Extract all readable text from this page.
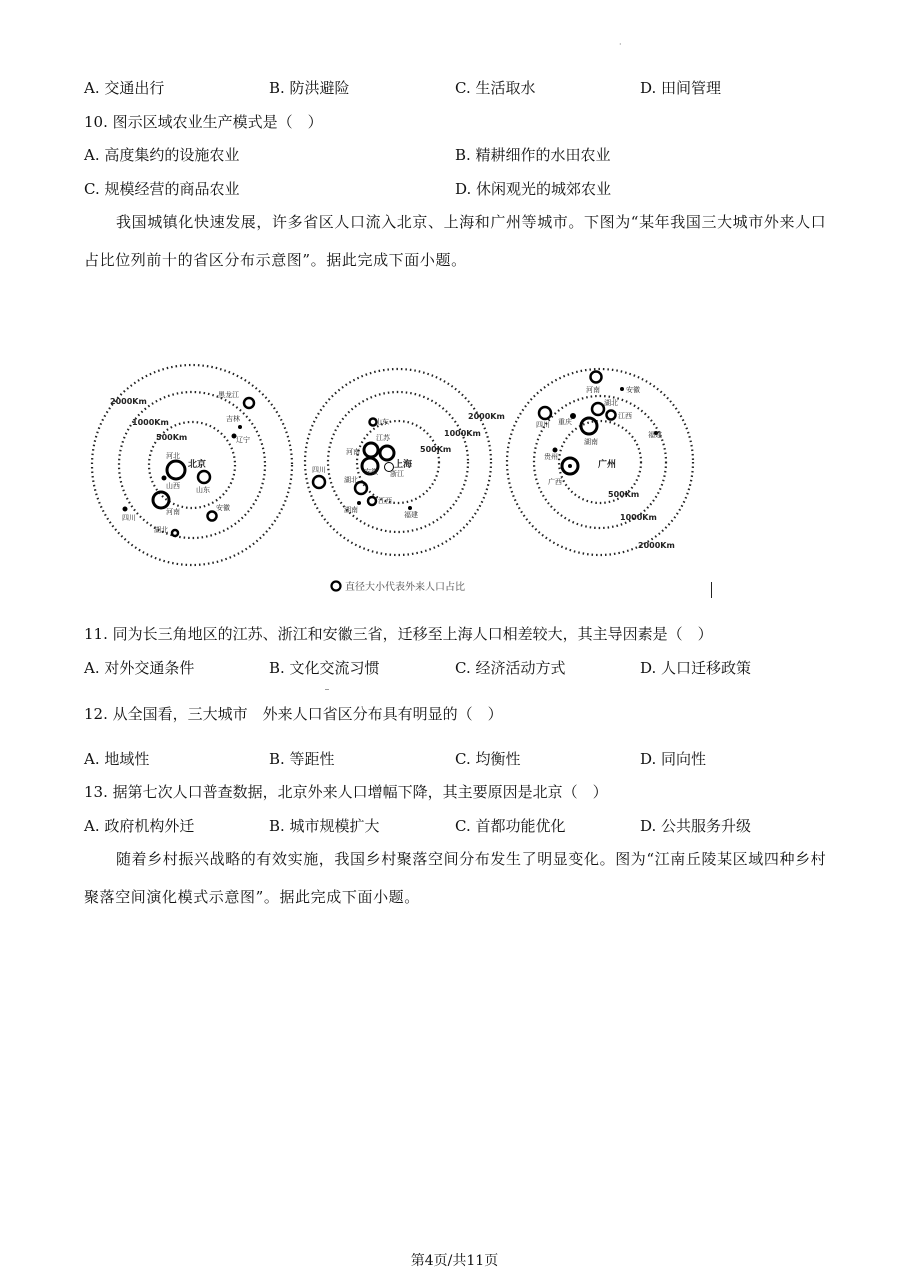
·
A. 交通出行	B. 防洪避险	C. 生活取水	D. 田间管理
10. 图示区域农业生产模式是（　）
A. 高度集约的设施农业	B. 精耕细作的水田农业
C. 规模经营的商品农业	D. 休闲观光的城郊农业
我国城镇化快速发展，许多省区人口流入北京、上海和广州等城市。下图为“某年我国三大城市外来人口占比位列前十的省区分布示意图”。据此完成下面小题。
2000Km
1000Km
500Km
2000Km
1000Km
500Km
500Km
1000Km
2000Km
黑龙江
吉林
辽宁
河北
山西 山东
河南	安徽
四川
湖北
北京
山东
江苏
河南
安徽 浙江
四川
湖北
江西
湖南
福建
上海
河南	安徽
湖北
四川 重庆
江西
湖南
福建
贵州
广西
广州
直径大小代表外来人口占比
11. 同为长三角地区的江苏、浙江和安徽三省，迁移至上海人口相差较大，其主导因素是（　）
A. 对外交通条件	B. 文化交流习惯	C. 经济活动方式	D. 人口迁移政策
12. 从全国看，三大城市　外来人口省区分布具有明显的（　）
A. 地域性	B. 等距性	C. 均衡性	D. 同向性
13. 据第七次人口普查数据，北京外来人口增幅下降，其主要原因是北京（　）
A. 政府机构外迁	B. 城市规模扩大	C. 首都功能优化	D. 公共服务升级
随着乡村振兴战略的有效实施，我国乡村聚落空间分布发生了明显变化。图为“江南丘陵某区域四种乡村聚落空间演化模式示意图”。据此完成下面小题。
第4页/共11页
